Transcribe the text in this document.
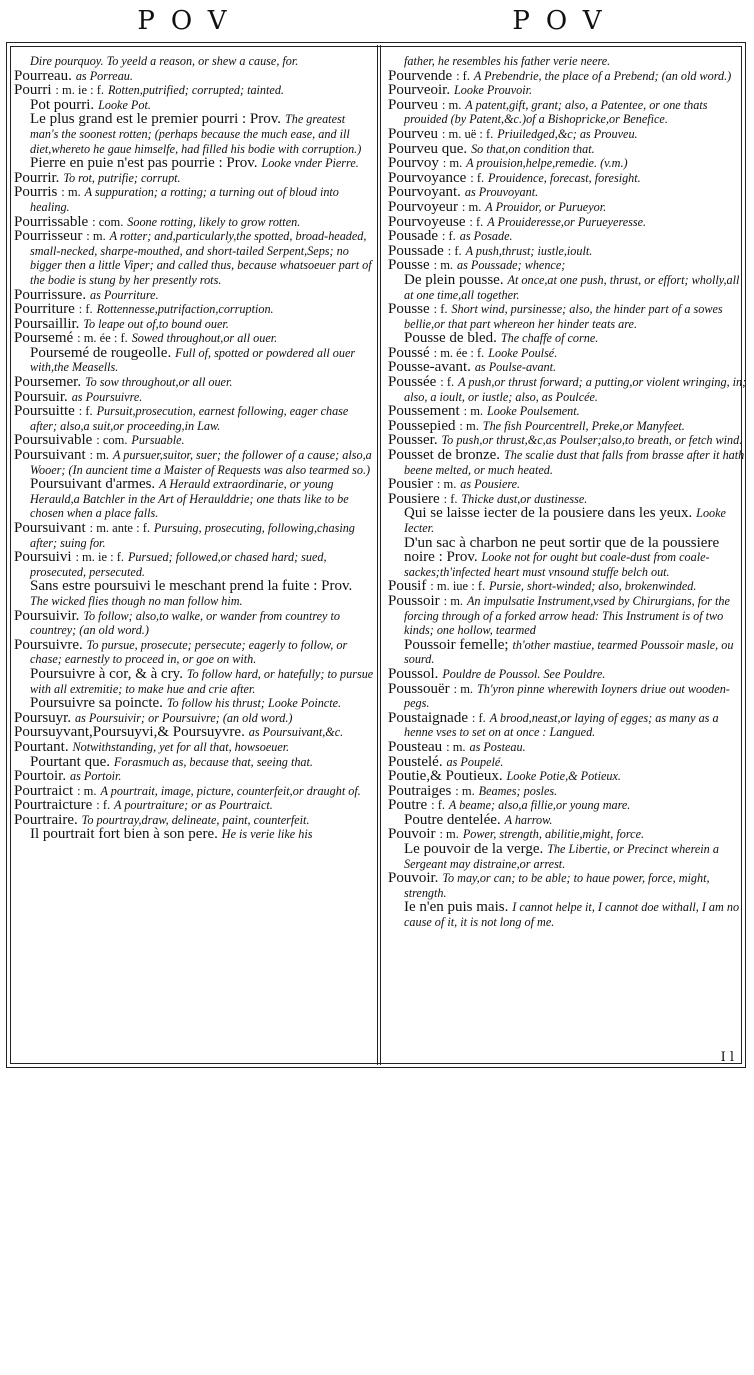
POV	POV
Dire pourquoy. To yeeld a reason, or shew a cause, for.
Pourreau. as Porreau.
Pourri : m. ie : f. Rotten,putrified; corrupted; tainted.
Pot pourri. Looke Pot.
Le plus grand est le premier pourri : Prov. The greatest man's the soonest rotten; (perhaps because the much ease, and ill diet,whereto he gaue himselfe, had filled his bodie with corruption.)
Pierre en puie n'est pas pourrie : Prov. Looke vnder Pierre.
Pourrir. To rot, putrifie; corrupt.
Pourris : m. A suppuration; a rotting; a turning out of bloud into healing.
Pourrissable : com. Soone rotting, likely to grow rotten.
Pourrisseur : m. A rotter; and,particularly,the spotted, broad-headed, small-necked, sharpe-mouthed, and short-tailed Serpent,Seps; no bigger then a little Viper; and called thus, because whatsoeuer part of the bodie is stung by her presently rots.
Pourrissure. as Pourriture.
Pourriture : f. Rottennesse,putrifaction,corruption.
Poursaillir. To leape out of,to bound ouer.
Poursemé : m. ée : f. Sowed throughout,or all ouer.
Poursemé de rougeolle. Full of, spotted or powdered all ouer with,the Measells.
Poursemer. To sow throughout,or all ouer.
Poursuir. as Poursuivre.
Poursuitte : f. Pursuit,prosecution, earnest following, eager chase after; also,a suit,or proceeding,in Law.
Poursuivable : com. Pursuable.
Poursuivant : m. A pursuer,suitor, suer; the follower of a cause; also,a Wooer; (In auncient time a Maister of Requests was also tearmed so.)
Poursuivant d'armes. A Herauld extraordinarie, or young Herauld,a Batchler in the Art of Heraulddrie; one thats like to be chosen when a place falls.
Poursuivant : m. ante : f. Pursuing, prosecuting, following,chasing after; suing for.
Poursuivi : m. ie : f. Pursued; followed,or chased hard; sued, prosecuted, persecuted.
Sans estre poursuivi le meschant prend la fuite : Prov. The wicked flies though no man follow him.
Poursuivir. To follow; also,to walke, or wander from countrey to countrey; (an old word.)
Poursuivre. To pursue, prosecute; persecute; eagerly to follow, or chase; earnestly to proceed in, or goe on with.
Poursuivre à cor, & à cry. To follow hard, or hatefully; to pursue with all extremitie; to make hue and crie after.
Poursuivre sa poincte. To follow his thrust; Looke Poincte.
Poursuyr. as Poursuivir; or Poursuivre; (an old word.)
Poursuyvant,Poursuyvi,& Poursuyvre. as Poursuivant,&c.
Pourtant. Notwithstanding, yet for all that, howsoeuer.
Pourtant que. Forasmuch as, because that, seeing that.
Pourtoir. as Portoir.
Pourtraict : m. A pourtrait, image, picture, counterfeit,or draught of.
Pourtraicture : f. A pourtraiture; or as Pourtraict.
Pourtraire. To pourtray,draw, delineate, paint, counterfeit.
Il pourtrait fort bien à son pere. He is verie like his
father, he resembles his father verie neere.
Pourvende : f. A Prebendrie, the place of a Prebend; (an old word.)
Pourveoir. Looke Prouvoir.
Pourveu : m. A patent,gift, grant; also, a Patentee, or one thats prouided (by Patent,&c.)of a Bishopricke,or Benefice.
Pourveu : m. uë : f. Priuiledged,&c; as Prouveu.
Pourveu que. So that,on condition that.
Pourvoy : m. A prouision,helpe,remedie. (v.m.)
Pourvoyance : f. Prouidence, forecast, foresight.
Pourvoyant. as Prouvoyant.
Pourvoyeur : m. A Prouidor, or Purueyor.
Pourvoyeuse : f. A Prouideresse,or Purueyeresse.
Pousade : f. as Posade.
Poussade : f. A push,thrust; iustle,ioult.
Pousse : m. as Poussade; whence;
De plein pousse. At once,at one push, thrust, or effort; wholly,all at one time,all together.
Pousse : f. Short wind, pursinesse; also, the hinder part of a sowes bellie,or that part whereon her hinder teats are.
Pousse de bled. The chaffe of corne.
Poussé : m. ée : f. Looke Poulsé.
Pousse-avant. as Poulse-avant.
Poussée : f. A push,or thrust forward; a putting,or violent wringing, in; also, a ioult, or iustle; also, as Poulcée.
Poussement : m. Looke Poulsement.
Poussepied : m. The fish Pourcentrell, Preke,or Manyfeet.
Pousser. To push,or thrust,&c,as Poulser;also,to breath, or fetch wind.
Pousset de bronze. The scalie dust that falls from brasse after it hath beene melted, or much heated.
Pousier : m. as Pousiere.
Pousiere : f. Thicke dust,or dustinesse.
Qui se laisse iecter de la pousiere dans les yeux. Looke Iecter.
D'un sac à charbon ne peut sortir que de la poussiere noire : Prov. Looke not for ought but coale-dust from coale-sackes;th'infected heart must vnsound stuffe belch out.
Pousif : m. iue : f. Pursie, short-winded; also, brokenwinded.
Poussoir : m. An impulsatie Instrument,vsed by Chirurgians, for the forcing through of a forked arrow head: This Instrument is of two kinds; one hollow, tearmed
Poussoir femelle; th'other mastiue, tearmed Poussoir masle, ou sourd.
Poussol. Pouldre de Poussol. See Pouldre.
Poussouër : m. Th'yron pinne wherewith Ioyners driue out wooden-pegs.
Poustaignade : f. A brood,neast,or laying of egges; as many as a henne vses to set on at once : Langued.
Pousteau : m. as Posteau.
Poustelé. as Poupelé.
Poutie,& Poutieux. Looke Potie,& Potieux.
Poutraiges : m. Beames; posles.
Poutre : f. A beame; also,a fillie,or young mare.
Poutre dentelée. A harrow.
Pouvoir : m. Power, strength, abilitie,might, force.
Le pouvoir de la verge. The Libertie, or Precinct wherein a Sergeant may distraine,or arrest.
Pouvoir. To may,or can; to be able; to haue power, force, might, strength.
Ie n'en puis mais. I cannot helpe it, I cannot doe withall, I am no cause of it, it is not long of me.
I l
